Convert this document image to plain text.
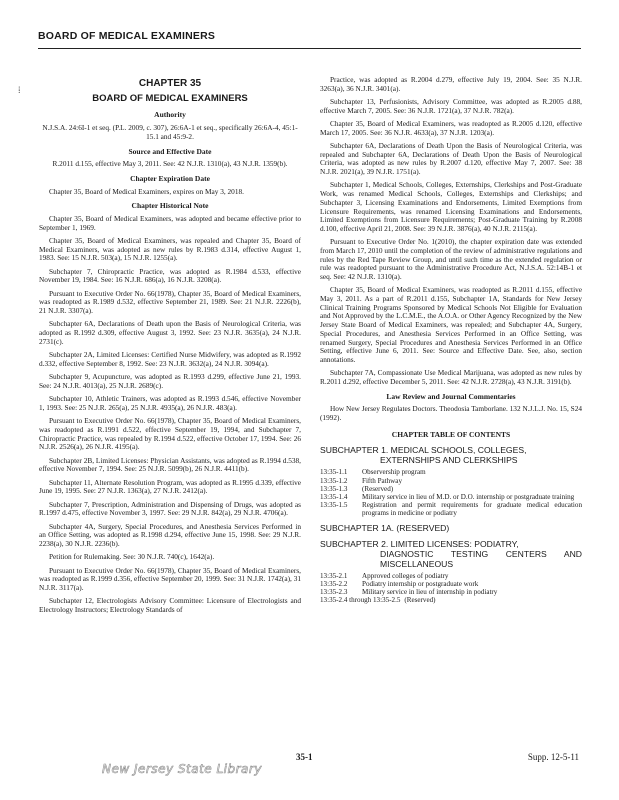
BOARD OF MEDICAL EXAMINERS
⁞
CHAPTER 35
BOARD OF MEDICAL EXAMINERS
Authority

N.J.S.A. 24:6I-1 et seq. (P.L. 2009, c. 307), 26:6A-1 et seq., specifically 26:6A-4, 45:1-15.1 and 45:9-2.

Source and Effective Date

R.2011 d.155, effective May 3, 2011. See: 42 N.J.R. 1310(a), 43 N.J.R. 1359(b).

Chapter Expiration Date

Chapter 35, Board of Medical Examiners, expires on May 3, 2018.

Chapter Historical Note

Chapter 35, Board of Medical Examiners, was adopted and became effective prior to September 1, 1969.

Chapter 35, Board of Medical Examiners, was repealed and Chapter 35, Board of Medical Examiners, was adopted as new rules by R.1983 d.314, effective August 1, 1983. See: 15 N.J.R. 503(a), 15 N.J.R. 1255(a).

Subchapter 7, Chiropractic Practice, was adopted as R.1984 d.533, effective November 19, 1984. See: 16 N.J.R. 686(a), 16 N.J.R. 3208(a).

Pursuant to Executive Order No. 66(1978), Chapter 35, Board of Medical Examiners, was readopted as R.1989 d.532, effective September 21, 1989. See: 21 N.J.R. 2226(b), 21 N.J.R. 3307(a).

Subchapter 6A, Declarations of Death upon the Basis of Neurological Criteria, was adopted as R.1992 d.309, effective August 3, 1992. See: 23 N.J.R. 3635(a), 24 N.J.R. 2731(c).

Subchapter 2A, Limited Licenses: Certified Nurse Midwifery, was adopted as R.1992 d.332, effective September 8, 1992. See: 23 N.J.R. 3632(a), 24 N.J.R. 3094(a).

Subchapter 9, Acupuncture, was adopted as R.1993 d.299, effective June 21, 1993. See: 24 N.J.R. 4013(a), 25 N.J.R. 2689(c).

Subchapter 10, Athletic Trainers, was adopted as R.1993 d.546, effective November 1, 1993. See: 25 N.J.R. 265(a), 25 N.J.R. 4935(a), 26 N.J.R. 483(a).

Pursuant to Executive Order No. 66(1978), Chapter 35, Board of Medical Examiners, was readopted as R.1991 d.522, effective September 19, 1994, and Subchapter 7, Chiropractic Practice, was repealed by R.1994 d.522, effective October 17, 1994. See: 26 N.J.R. 2526(a), 26 N.J.R. 4195(a).

Subchapter 2B, Limited Licenses: Physician Assistants, was adopted as R.1994 d.538, effective November 7, 1994. See: 25 N.J.R. 5099(b), 26 N.J.R. 4411(b).

Subchapter 11, Alternate Resolution Program, was adopted as R.1995 d.339, effective June 19, 1995. See: 27 N.J.R. 1363(a), 27 N.J.R. 2412(a).

Subchapter 7, Prescription, Administration and Dispensing of Drugs, was adopted as R.1997 d.475, effective November 3, 1997. See: 29 N.J.R. 842(a), 29 N.J.R. 4706(a).

Subchapter 4A, Surgery, Special Procedures, and Anesthesia Services Performed in an Office Setting, was adopted as R.1998 d.294, effective June 15, 1998. See: 29 N.J.R. 2238(a), 30 N.J.R. 2236(b).

Petition for Rulemaking. See: 30 N.J.R. 740(c), 1642(a).

Pursuant to Executive Order No. 66(1978), Chapter 35, Board of Medical Examiners, was readopted as R.1999 d.356, effective September 20, 1999. See: 31 N.J.R. 1742(a), 31 N.J.R. 3117(a).

Subchapter 12, Electrologists Advisory Committee: Licensure of Electrologists and Electrology Instructors; Electrology Standards of

Practice, was adopted as R.2004 d.279, effective July 19, 2004. See: 35 N.J.R. 3263(a), 36 N.J.R. 3401(a).

Subchapter 13, Perfusionists, Advisory Committee, was adopted as R.2005 d.88, effective March 7, 2005. See: 36 N.J.R. 1721(a), 37 N.J.R. 782(a).

Chapter 35, Board of Medical Examiners, was readopted as R.2005 d.120, effective March 17, 2005. See: 36 N.J.R. 4633(a), 37 N.J.R. 1203(a).

Subchapter 6A, Declarations of Death Upon the Basis of Neurological Criteria, was repealed and Subchapter 6A, Declarations of Death Upon the Basis of Neurological Criteria, was adopted as new rules by R.2007 d.120, effective May 7, 2007. See: 38 N.J.R. 2021(a), 39 N.J.R. 1751(a).

Subchapter 1, Medical Schools, Colleges, Externships, Clerkships and Post-Graduate Work, was renamed Medical Schools, Colleges, Externships and Clerkships; and Subchapter 3, Licensing Examinations and Endorsements, Limited Exemptions from Licensure Requirements, was renamed Licensing Examinations and Endorsements, Limited Exemptions from Licensure Requirements; Post-Graduate Training by R.2008 d.100, effective April 21, 2008. See: 39 N.J.R. 3876(a), 40 N.J.R. 2115(a).

Pursuant to Executive Order No. 1(2010), the chapter expiration date was extended from March 17, 2010 until the completion of the review of administrative regulations and rules by the Red Tape Review Group, and until such time as the extended regulation or rule was readopted pursuant to the Administrative Procedure Act, N.J.S.A. 52:14B-1 et seq. See: 42 N.J.R. 1310(a).

Chapter 35, Board of Medical Examiners, was readopted as R.2011 d.155, effective May 3, 2011. As a part of R.2011 d.155, Subchapter 1A, Standards for New Jersey Clinical Training Programs Sponsored by Medical Schools Not Eligible for Evaluation and Not Approved by the L.C.M.E., the A.O.A. or Other Agency Recognized by the New Jersey State Board of Medical Examiners, was repealed; and Subchapter 4A, Surgery, Special Procedures, and Anesthesia Services Performed in an Office Setting, was renamed Surgery, Special Procedures and Anesthesia Services Performed in an Office Setting, effective June 6, 2011. See: Source and Effective Date. See, also, section annotations.

Subchapter 7A, Compassionate Use Medical Marijuana, was adopted as new rules by R.2011 d.292, effective December 5, 2011. See: 42 N.J.R. 2728(a), 43 N.J.R. 3191(b).

Law Review and Journal Commentaries

How New Jersey Regulates Doctors. Theodosia Tamborlane. 132 N.J.L.J. No. 15, S24 (1992).

CHAPTER TABLE OF CONTENTS
SUBCHAPTER 1. MEDICAL SCHOOLS, COLLEGES,
EXTERNSHIPS AND CLERKSHIPS
13:35-1.1	Observership program
13:35-1.2	Fifth Pathway
13:35-1.3	(Reserved)
13:35-1.4	Military service in lieu of M.D. or D.O. internship or postgraduate training
13:35-1.5	Registration and permit requirements for graduate medical education programs in medicine or podiatry
SUBCHAPTER 1A. (RESERVED)
SUBCHAPTER 2. LIMITED LICENSES: PODIATRY,
DIAGNOSTIC TESTING CENTERS AND MISCELLANEOUS
13:35-2.1	Approved colleges of podiatry
13:35-2.2	Podiatry internship or postgraduate work
13:35-2.3	Military service in lieu of internship in podiatry
13:35-2.4 through 13:35-2.5 (Reserved)
35-1	Supp. 12-5-11
New Jersey State Library
